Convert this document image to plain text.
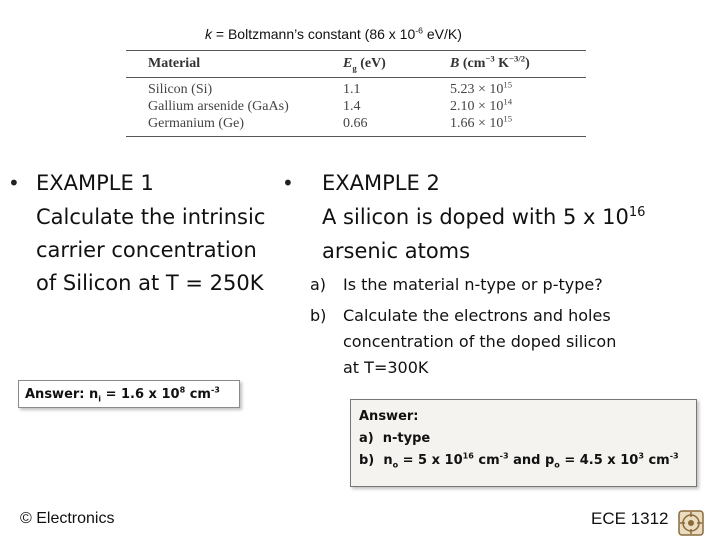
k = Boltzmann’s constant (86 x $10^{-6}$ eV/K)
Material	$E_g$ (eV)	B ($cm^{-3}$ $K^{-3/2}$)
Silicon (Si)	1.1	$5.23 \times 10^{15}$
Gallium arsenide (GaAs)	1.4	$2.10 \times 10^{14}$
Germanium (Ge)	0.66	$1.66 \times 10^{15}$
• EXAMPLE 1
Calculate the intrinsic
carrier concentration
of Silicon at T = 250K
Answer: $n_i = 1.6$ x $10^8$ $cm^{-3}$
• EXAMPLE 2
A silicon is doped with 5 x $10^{16}$
arsenic atoms
a) Is the material n-type or p-type?
b) Calculate the electrons and holes
concentration of the doped silicon
at T=300K
Answer:
a) n-type
b) $n_o = 5$ x $10^{16}$ $cm^{-3}$ and $p_o = 4.5$ x $10^3$ $cm^{-3}$
© Electronics	ECE 1312
